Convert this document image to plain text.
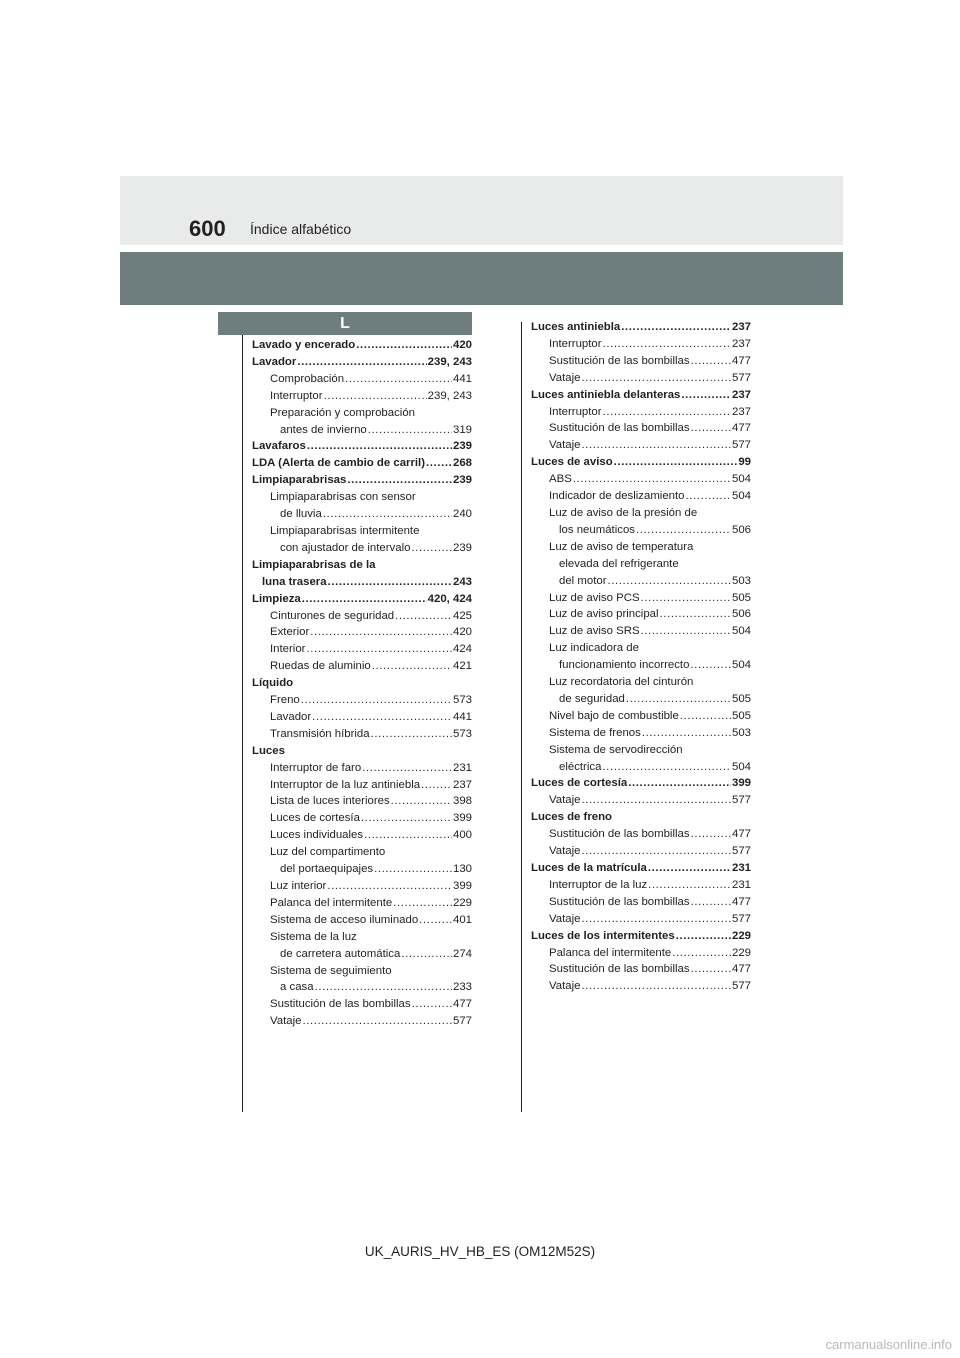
600 Índice alfabético
L
Lavado y encerado .....	420
Lavador .....	239, 243
Comprobación .....	441
Interruptor .....	239, 243
Preparación y comprobación
antes de invierno .....	319
Lavafaros .....	239
LDA (Alerta de cambio de carril) ..... 268
Limpiaparabrisas .....	239
Limpiaparabrisas con sensor
de lluvia .....	240
Limpiaparabrisas intermitente
con ajustador de intervalo .....	239
Limpiaparabrisas de la
luna trasera .....	243
Limpieza .....	420, 424
Cinturones de seguridad .....	425
Exterior .....	420
Interior .....	424
Ruedas de aluminio .....	421
Líquido
Freno .....	573
Lavador .....	441
Transmisión híbrida .....	573
Luces
Interruptor de faro .....	231
Interruptor de la luz antiniebla .....	237
Lista de luces interiores .....	398
Luces de cortesía .....	399
Luces individuales .....	400
Luz del compartimento
del portaequipajes .....	130
Luz interior .....	399
Palanca del intermitente .....	229
Sistema de acceso iluminado .....	401
Sistema de la luz
de carretera automática .....	274
Sistema de seguimiento
a casa .....	233
Sustitución de las bombillas .....	477
Vataje .....	577
Luces antiniebla .....	237
Interruptor .....	237
Sustitución de las bombillas .....	477
Vataje .....	577
Luces antiniebla delanteras .....	237
Interruptor .....	237
Sustitución de las bombillas .....	477
Vataje .....	577
Luces de aviso .....	99
ABS .....	504
Indicador de deslizamiento .....	504
Luz de aviso de la presión de
los neumáticos .....	506
Luz de aviso de temperatura
elevada del refrigerante
del motor .....	503
Luz de aviso PCS .....	505
Luz de aviso principal .....	506
Luz de aviso SRS .....	504
Luz indicadora de
funcionamiento incorrecto .....	504
Luz recordatoria del cinturón
de seguridad .....	505
Nivel bajo de combustible .....	505
Sistema de frenos .....	503
Sistema de servodirección
eléctrica .....	504
Luces de cortesía .....	399
Vataje .....	577
Luces de freno
Sustitución de las bombillas .....	477
Vataje .....	577
Luces de la matrícula .....	231
Interruptor de la luz .....	231
Sustitución de las bombillas .....	477
Vataje .....	577
Luces de los intermitentes .....	229
Palanca del intermitente .....	229
Sustitución de las bombillas .....	477
Vataje .....	577
UK_AURIS_HV_HB_ES (OM12M52S)
carmanualsonline.info
